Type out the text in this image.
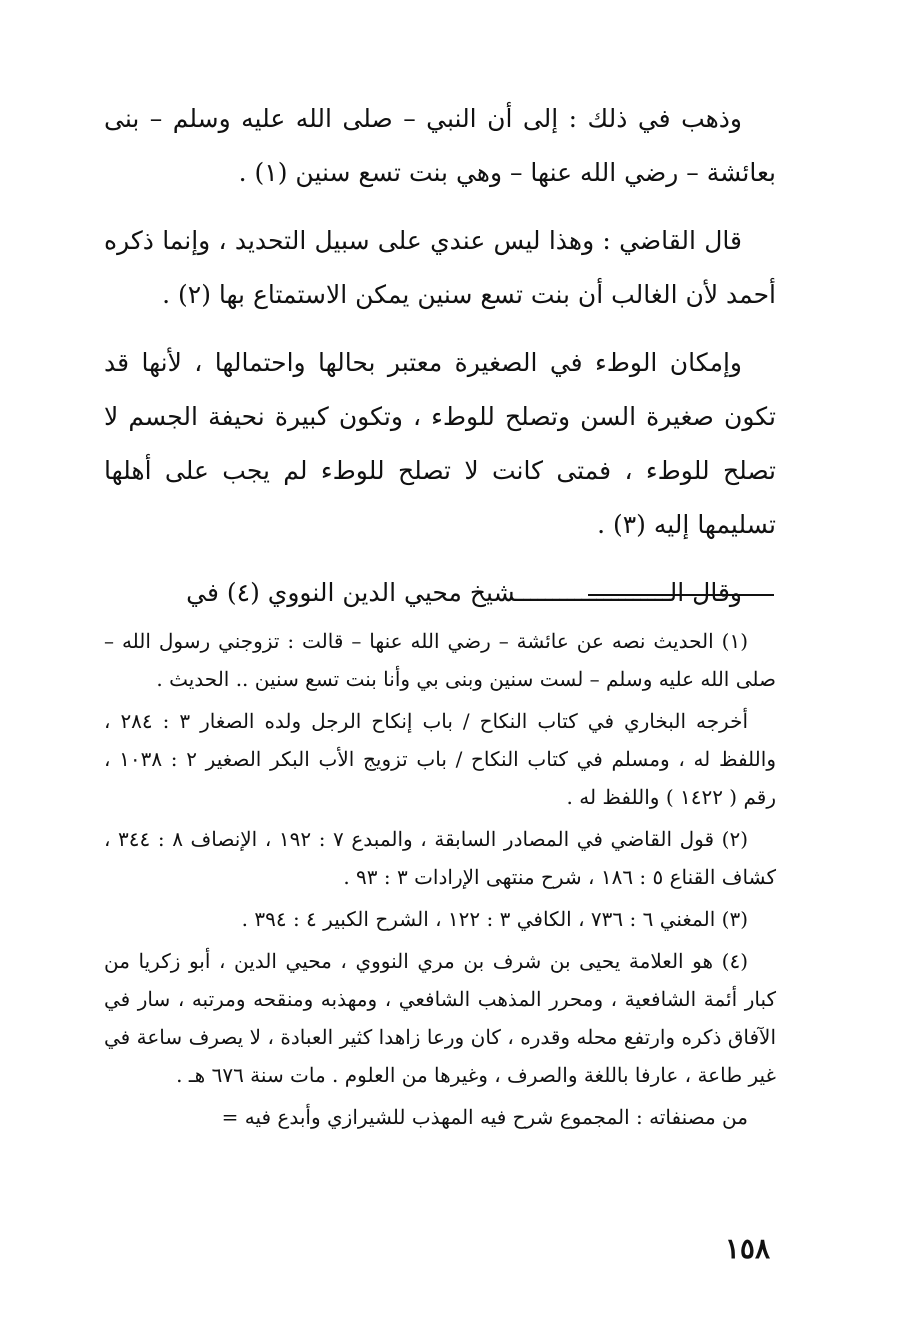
وذهب في ذلك : إلى أن النبي – صلى الله عليه وسلم – بنى بعائشة – رضي الله عنها – وهي بنت تسع سنين (١) .

قال القاضي : وهذا ليس عندي على سبيل التحديد ، وإنما ذكره أحمد لأن الغالب أن بنت تسع سنين يمكن الاستمتاع بها (٢) .

وإمكان الوطء في الصغيرة معتبر بحالها واحتمالها ، لأنها قد تكون صغيرة السن وتصلح للوطء ، وتكون كبيرة نحيفة الجسم لا تصلح للوطء ، فمتى كانت لا تصلح للوطء لم يجب على أهلها تسليمها إليه (٣) .

وقال الـــــــــــــــــــــشيخ محيي الدين النووي (٤) في

(١) الحديث نصه عن عائشة – رضي الله عنها – قالت : تزوجني رسول الله – صلى الله عليه وسلم – لست سنين وبنى بي وأنا بنت تسع سنين .. الحديث .

أخرجه البخاري في كتاب النكاح / باب إنكاح الرجل ولده الصغار ٣ : ٢٨٤ ، واللفظ له ، ومسلم في كتاب النكاح / باب تزويج الأب البكر الصغير ٢ : ١٠٣٨ ، رقم ( ١٤٢٢ ) واللفظ له .

(٢) قول القاضي في المصادر السابقة ، والمبدع ٧ : ١٩٢ ، الإنصاف ٨ : ٣٤٤ ، كشاف القناع ٥ : ١٨٦ ، شرح منتهى الإرادات ٣ : ٩٣ .

(٣) المغني ٦ : ٧٣٦ ، الكافي ٣ : ١٢٢ ، الشرح الكبير ٤ : ٣٩٤ .

(٤) هو العلامة يحيى بن شرف بن مري النووي ، محيي الدين ، أبو زكريا من كبار أئمة الشافعية ، ومحرر المذهب الشافعي ، ومهذبه ومنقحه ومرتبه ، سار في الآفاق ذكره وارتفع محله وقدره ، كان ورعا زاهدا كثير العبادة ، لا يصرف ساعة في غير طاعة ، عارفا باللغة والصرف ، وغيرها من العلوم . مات سنة ٦٧٦ هـ .

من مصنفاته : المجموع شرح فيه المهذب للشيرازي وأبدع فيه =

١٥٨
